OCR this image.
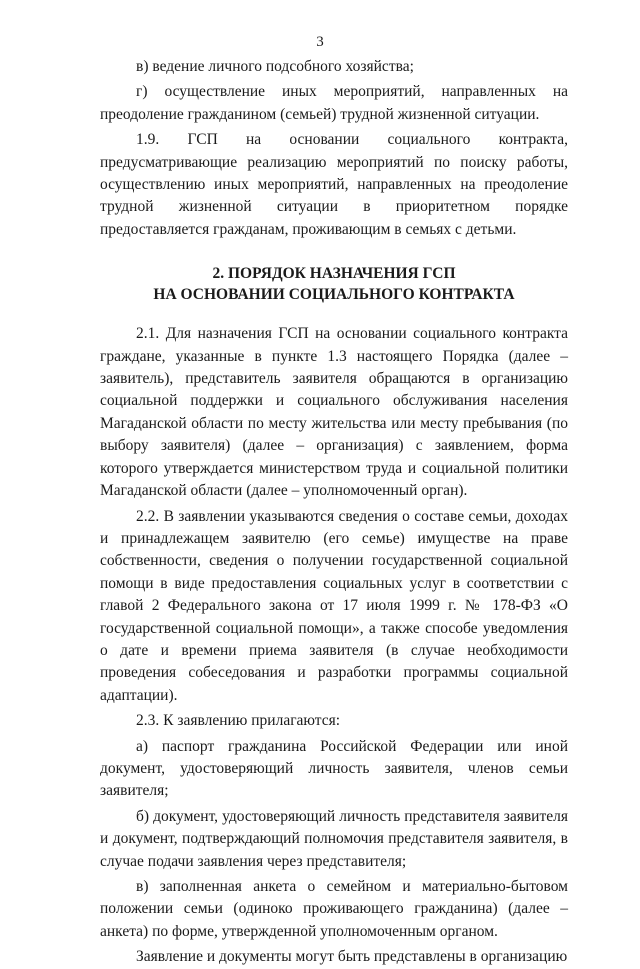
3

в) ведение личного подсобного хозяйства;

г) осуществление иных мероприятий, направленных на преодоление гражданином (семьей) трудной жизненной ситуации.

1.9. ГСП на основании социального контракта, предусматривающие реализацию мероприятий по поиску работы, осуществлению иных мероприятий, направленных на преодоление трудной жизненной ситуации в приоритетном порядке предоставляется гражданам, проживающим в семьях с детьми.

2. ПОРЯДОК НАЗНАЧЕНИЯ ГСП
НА ОСНОВАНИИ СОЦИАЛЬНОГО КОНТРАКТА

2.1. Для назначения ГСП на основании социального контракта граждане, указанные в пункте 1.3 настоящего Порядка (далее – заявитель), представитель заявителя обращаются в организацию социальной поддержки и социального обслуживания населения Магаданской области по месту жительства или месту пребывания (по выбору заявителя) (далее – организация) с заявлением, форма которого утверждается министерством труда и социальной политики Магаданской области (далее – уполномоченный орган).

2.2. В заявлении указываются сведения о составе семьи, доходах и принадлежащем заявителю (его семье) имуществе на праве собственности, сведения о получении государственной социальной помощи в виде предоставления социальных услуг в соответствии с главой 2 Федерального закона от 17 июля 1999 г. № 178-ФЗ «О государственной социальной помощи», а также способе уведомления о дате и времени приема заявителя (в случае необходимости проведения собеседования и разработки программы социальной адаптации).

2.3. К заявлению прилагаются:

а) паспорт гражданина Российской Федерации или иной документ, удостоверяющий личность заявителя, членов семьи заявителя;

б) документ, удостоверяющий личность представителя заявителя и документ, подтверждающий полномочия представителя заявителя, в случае подачи заявления через представителя;

в) заполненная анкета о семейном и материально-бытовом положении семьи (одиноко проживающего гражданина) (далее – анкета) по форме, утвержденной уполномоченным органом.

Заявление и документы могут быть представлены в организацию
